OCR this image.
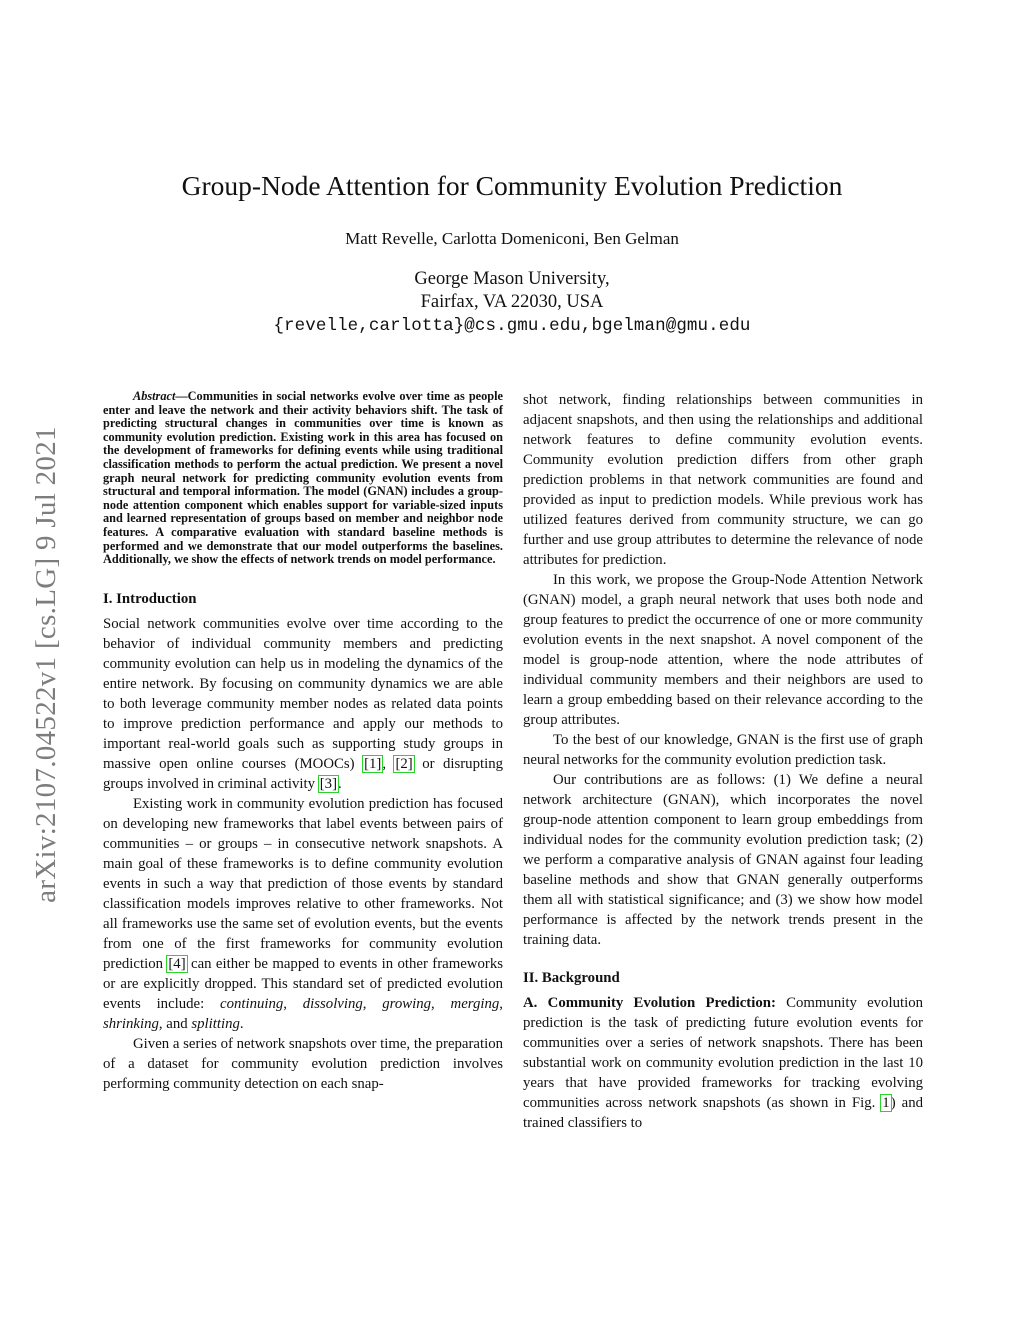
arXiv:2107.04522v1 [cs.LG] 9 Jul 2021
Group-Node Attention for Community Evolution Prediction
Matt Revelle, Carlotta Domeniconi, Ben Gelman
George Mason University,
Fairfax, VA 22030, USA
{revelle,carlotta}@cs.gmu.edu,bgelman@gmu.edu

Abstract—Communities in social networks evolve over time as people enter and leave the network and their activity behaviors shift. The task of predicting structural changes in communities over time is known as community evolution prediction. Existing work in this area has focused on the development of frameworks for defining events while using traditional classification methods to perform the actual prediction. We present a novel graph neural network for predicting community evolution events from structural and temporal information. The model (GNAN) includes a group-node attention component which enables support for variable-sized inputs and learned representation of groups based on member and neighbor node features. A comparative evaluation with standard baseline methods is performed and we demonstrate that our model outperforms the baselines. Additionally, we show the effects of network trends on model performance.

I. Introduction

Social network communities evolve over time according to the behavior of individual community members and predicting community evolution can help us in modeling the dynamics of the entire network. By focusing on community dynamics we are able to both leverage community member nodes as related data points to improve prediction performance and apply our methods to important real-world goals such as supporting study groups in massive open online courses (MOOCs) [1], [2] or disrupting groups involved in criminal activity [3].

Existing work in community evolution prediction has focused on developing new frameworks that label events between pairs of communities – or groups – in consecutive network snapshots. A main goal of these frameworks is to define community evolution events in such a way that prediction of those events by standard classification models improves relative to other frameworks. Not all frameworks use the same set of evolution events, but the events from one of the first frameworks for community evolution prediction [4] can either be mapped to events in other frameworks or are explicitly dropped. This standard set of predicted evolution events include: continuing, dissolving, growing, merging, shrinking, and splitting.

Given a series of network snapshots over time, the preparation of a dataset for community evolution prediction involves performing community detection on each snap-

shot network, finding relationships between communities in adjacent snapshots, and then using the relationships and additional network features to define community evolution events. Community evolution prediction differs from other graph prediction problems in that network communities are found and provided as input to prediction models. While previous work has utilized features derived from community structure, we can go further and use group attributes to determine the relevance of node attributes for prediction.

In this work, we propose the Group-Node Attention Network (GNAN) model, a graph neural network that uses both node and group features to predict the occurrence of one or more community evolution events in the next snapshot. A novel component of the model is group-node attention, where the node attributes of individual community members and their neighbors are used to learn a group embedding based on their relevance according to the group attributes.

To the best of our knowledge, GNAN is the first use of graph neural networks for the community evolution prediction task.

Our contributions are as follows: (1) We define a neural network architecture (GNAN), which incorporates the novel group-node attention component to learn group embeddings from individual nodes for the community evolution prediction task; (2) we perform a comparative analysis of GNAN against four leading baseline methods and show that GNAN generally outperforms them all with statistical significance; and (3) we show how model performance is affected by the network trends present in the training data.

II. Background

A. Community Evolution Prediction: Community evolution prediction is the task of predicting future evolution events for communities over a series of network snapshots. There has been substantial work on community evolution prediction in the last 10 years that have provided frameworks for tracking evolving communities across network snapshots (as shown in Fig. 1) and trained classifiers to
